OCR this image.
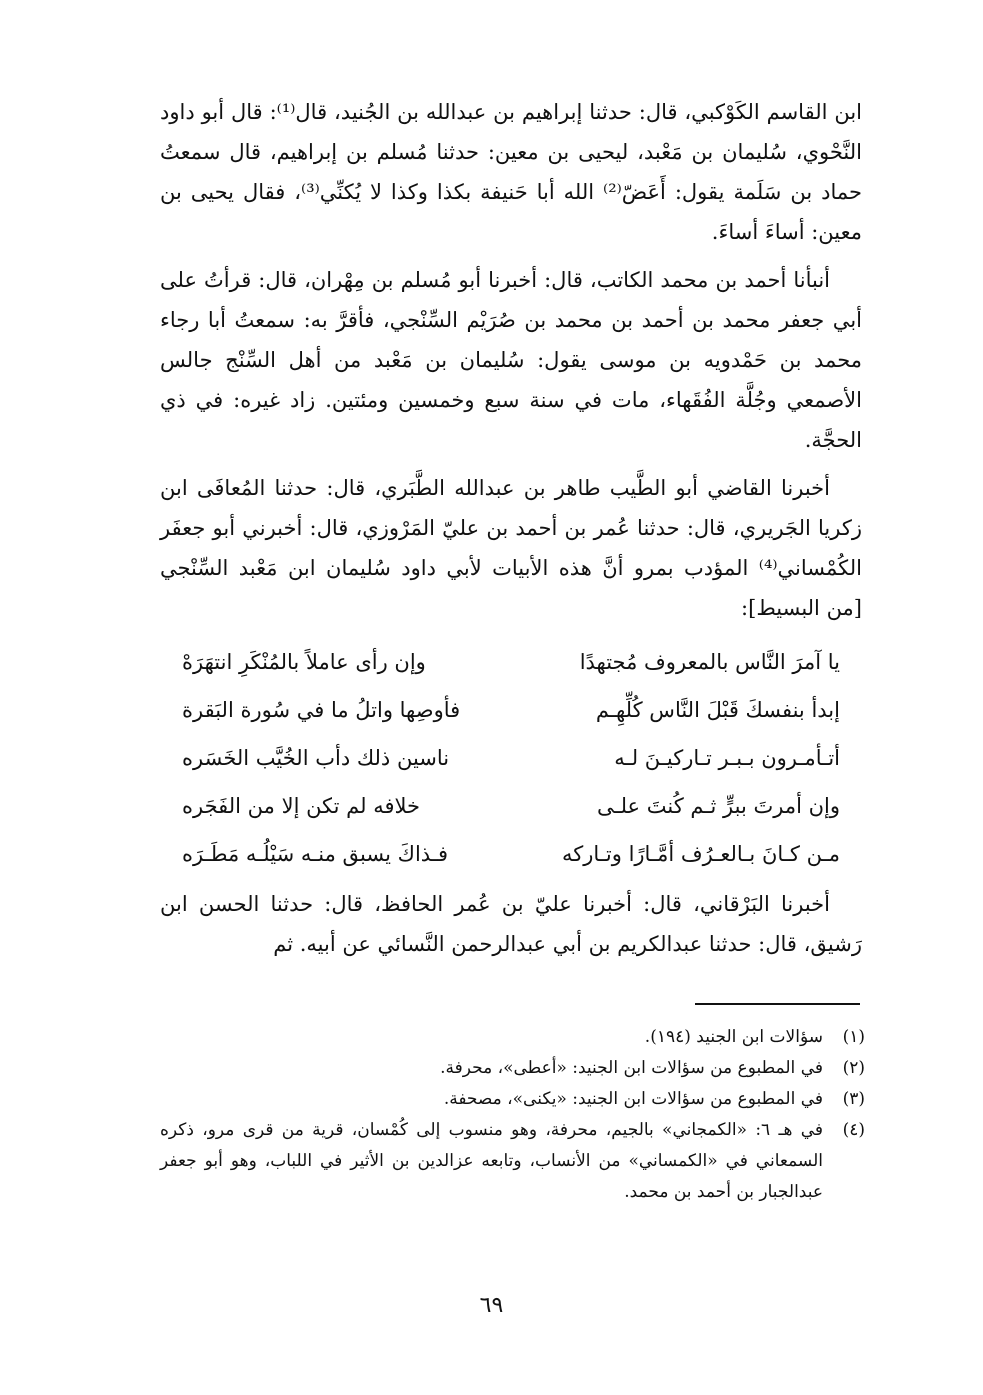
ابن القاسم الكَوْكبي، قال: حدثنا إبراهيم بن عبدالله بن الجُنيد، قال⁽¹⁾: قال أبو داود النَّحْوي، سُليمان بن مَعْبد، ليحيى بن معين: حدثنا مُسلم بن إبراهيم، قال سمعتُ حماد بن سَلَمة يقول: أَعَضّ⁽²⁾ الله أبا حَنيفة بكذا وكذا لا يُكنِّي⁽³⁾، فقال يحيى بن معين: أساءَ أساءَ.

أنبأنا أحمد بن محمد الكاتب، قال: أخبرنا أبو مُسلم بن مِهْران، قال: قرأتُ على أبي جعفر محمد بن أحمد بن محمد بن صُرَيْم السِّنْجي، فأقرَّ به: سمعتُ أبا رجاء محمد بن حَمْدويه بن موسى يقول: سُليمان بن مَعْبد من أهل السِّنْج جالس الأصمعي وجُلَّة الفُقَهاء، مات في سنة سبع وخمسين ومئتين. زاد غيره: في ذي الحجَّة.

أخبرنا القاضي أبو الطَّيب طاهر بن عبدالله الطَّبَري، قال: حدثنا المُعافَى ابن زكريا الجَريري، قال: حدثنا عُمر بن أحمد بن عليّ المَرْوزي، قال: أخبرني أبو جعفَر الكُمْساني⁽⁴⁾ المؤدب بمرو أنَّ هذه الأبيات لأبي داود سُليمان ابن مَعْبد السِّنْجي [من البسيط]:

يا آمرَ النَّاس بالمعروف مُجتهدًا
وإن رأى عاملاً بالمُنْكَرِ انتهَرَهْ
إبدأ بنفسكَ قَبْلَ النَّاس كُلِّهِـم
فأوصِها واتلُ ما في سُورة البَقرة
أتـأمـرون بـبـر تـاركيـنَ لـه
ناسين ذلك دأب الخُيَّب الخَسَره
وإن أمرتَ ببرٍّ ثـم كُنتَ علـى
خلافه لم تكن إلا من الفَجَره
مـن كـانَ بـالعـرُف أمَّـارًا وتـاركه
فـذاكَ يسبق منـه سَيْلُـه مَطَـرَه

أخبرنا البَرْقاني، قال: أخبرنا عليّ بن عُمر الحافظ، قال: حدثنا الحسن ابن رَشيق، قال: حدثنا عبدالكريم بن أبي عبدالرحمن النَّسائي عن أبيه. ثم

(١)
سؤالات ابن الجنيد (١٩٤).
(٢)
في المطبوع من سؤالات ابن الجنيد: «أعطى»، محرفة.
(٣)
في المطبوع من سؤالات ابن الجنيد: «يكنى»، مصحفة.
(٤)
في هـ ٦: «الكمجاني» بالجيم، محرفة، وهو منسوب إلى كُمْسان، قرية من قرى مرو، ذكره السمعاني في «الكمساني» من الأنساب، وتابعه عزالدين بن الأثير في اللباب، وهو أبو جعفر عبدالجبار بن أحمد بن محمد.
٦٩
